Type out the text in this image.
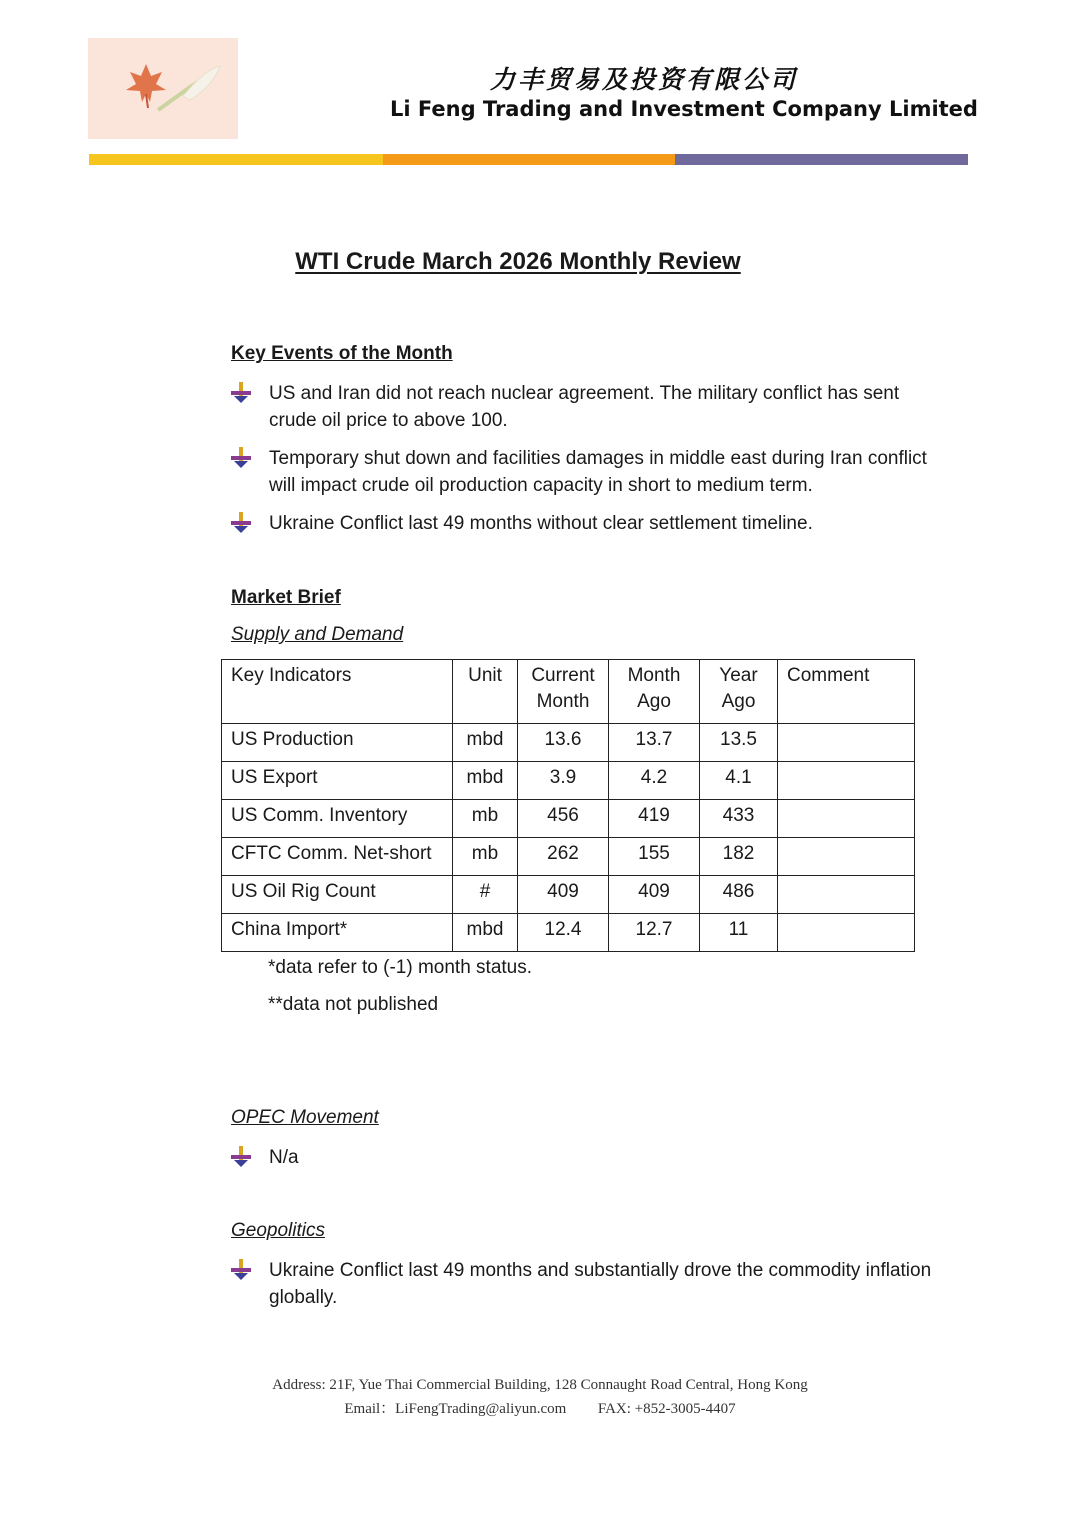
力丰贸易及投资有限公司
Li Feng Trading and Investment Company Limited
WTI Crude March 2026 Monthly Review
Key Events of the Month
US and Iran did not reach nuclear agreement. The military conflict has sent crude oil price to above 100.
Temporary shut down and facilities damages in middle east during Iran conflict will impact crude oil production capacity in short to medium term.
Ukraine Conflict last 49 months without clear settlement timeline.
Market Brief
Supply and Demand
Key Indicators	Unit	Current Month	Month Ago	Year Ago	Comment
US Production	mbd	13.6	13.7	13.5	
US Export	mbd	3.9	4.2	4.1	
US Comm. Inventory	mb	456	419	433	
CFTC Comm. Net-short	mb	262	155	182	
US Oil Rig Count	#	409	409	486	
China Import*	mbd	12.4	12.7	11	
*data refer to (-1) month status.
**data not published
OPEC Movement
N/a
Geopolitics
Ukraine Conflict last 49 months and substantially drove the commodity inflation globally.
Address: 21F, Yue Thai Commercial Building, 128 Connaught Road Central, Hong Kong
Email：LiFengTrading@aliyun.com FAX: +852-3005-4407
